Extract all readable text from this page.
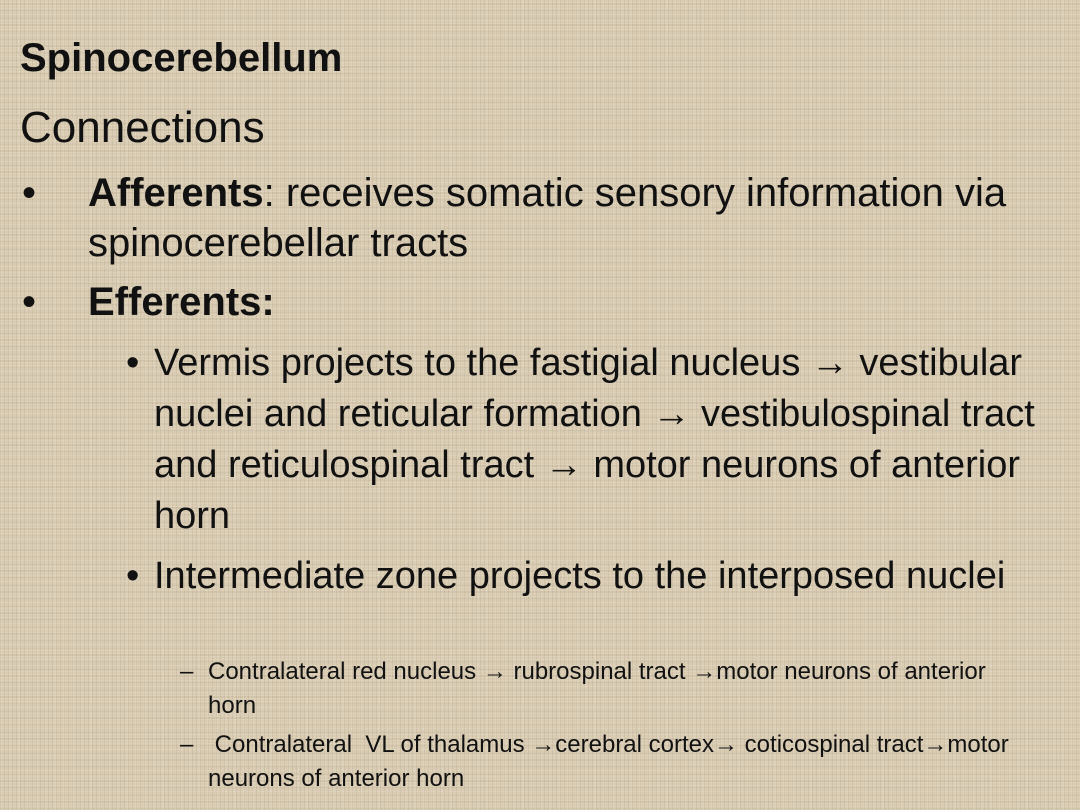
Spinocerebellum
Connections
• Afferents: receives somatic sensory information via spinocerebellar tracts
• Efferents:
• Vermis projects to the fastigial nucleus → vestibular nuclei and reticular formation → vestibulospinal tract and reticulospinal tract → motor neurons of anterior horn
• Intermediate zone projects to the interposed nuclei
– Contralateral red nucleus → rubrospinal tract →motor neurons of anterior horn
– Contralateral  VL of thalamus →cerebral cortex→ coticospinal tract→motor neurons of anterior horn
